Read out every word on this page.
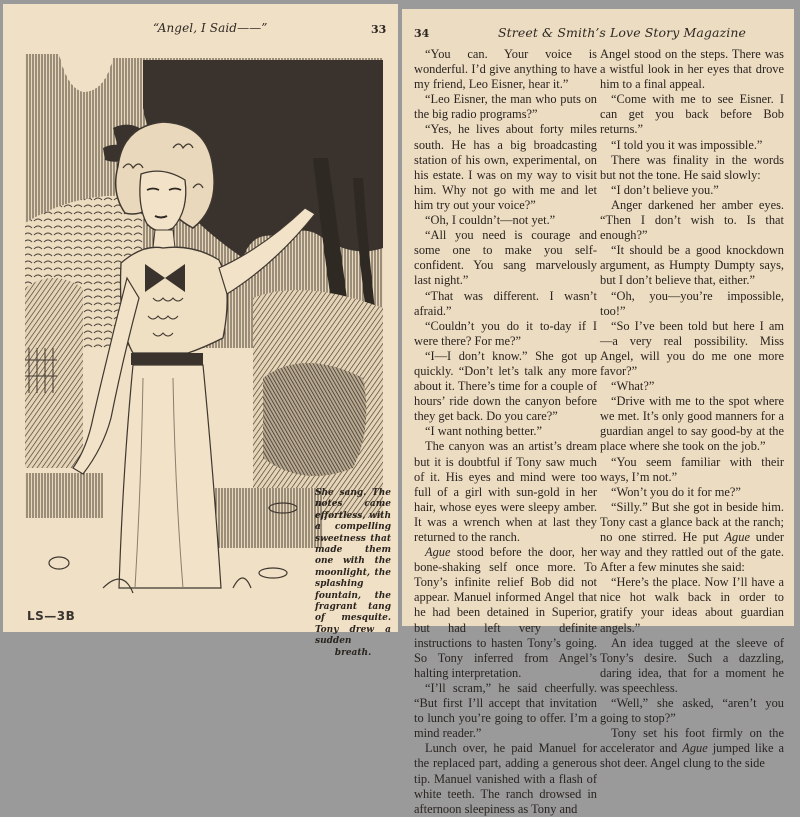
“Angel, I Said——”	33
She sang. The notes came effortless, with a compelling sweetness that made them one with the moonlight, the splashing fountain, the fragrant tang of mesquite. Tony drew a sudden
breath.
LS—3B
34	Street & Smith’s Love Story Magazine

“You can. Your voice is wonderful. I’d give anything to have my friend, Leo Eisner, hear it.”

“Leo Eisner, the man who puts on the big radio programs?”

“Yes, he lives about forty miles south. He has a big broadcasting station of his own, experimental, on his estate. I was on my way to visit him. Why not go with me and let him try out your voice?”

“Oh, I couldn’t—not yet.”

“All you need is courage and some one to make you self-confident. You sang marvelously last night.”

“That was different. I wasn’t afraid.”

“Couldn’t you do it to-day if I were there? For me?”

“I—I don’t know.” She got up quickly. “Don’t let’s talk any more about it. There’s time for a couple of hours’ ride down the canyon before they get back. Do you care?”

“I want nothing better.”

The canyon was an artist’s dream but it is doubtful if Tony saw much of it. His eyes and mind were too full of a girl with sun-gold in her hair, whose eyes were sleepy amber. It was a wrench when at last they returned to the ranch.

Ague stood before the door, her bone-shaking self once more. To Tony’s infinite relief Bob did not appear. Manuel informed Angel that he had been detained in Superior, but had left very definite instructions to hasten Tony’s going. So Tony inferred from Angel’s halting interpretation.

“I’ll scram,” he said cheerfully. “But first I’ll accept that invitation to lunch you’re going to offer. I’m a mind reader.”

Lunch over, he paid Manuel for the replaced part, adding a generous tip. Manuel vanished with a flash of white teeth. The ranch drowsed in afternoon sleepiness as Tony and

Angel stood on the steps. There was a wistful look in her eyes that drove him to a final appeal.

“Come with me to see Eisner. I can get you back before Bob returns.”

“I told you it was impossible.”

There was finality in the words but not the tone. He said slowly:

“I don’t believe you.”

Anger darkened her amber eyes. “Then I don’t wish to. Is that enough?”

“It should be a good knockdown argument, as Humpty Dumpty says, but I don’t believe that, either.”

“Oh, you—you’re impossible, too!”

“So I’ve been told but here I am —a very real possibility. Miss Angel, will you do me one more favor?”

“What?”

“Drive with me to the spot where we met. It’s only good manners for a guardian angel to say good-by at the place where she took on the job.”

“You seem familiar with their ways, I’m not.”

“Won’t you do it for me?”

“Silly.” But she got in beside him. Tony cast a glance back at the ranch; no one stirred. He put Ague under way and they rattled out of the gate. After a few minutes she said:

“Here’s the place. Now I’ll have a nice hot walk back in order to gratify your ideas about guardian angels.”

An idea tugged at the sleeve of Tony’s desire. Such a dazzling, daring idea, that for a moment he was speechless.

“Well,” she asked, “aren’t you going to stop?”

Tony set his foot firmly on the accelerator and Ague jumped like a shot deer. Angel clung to the side
